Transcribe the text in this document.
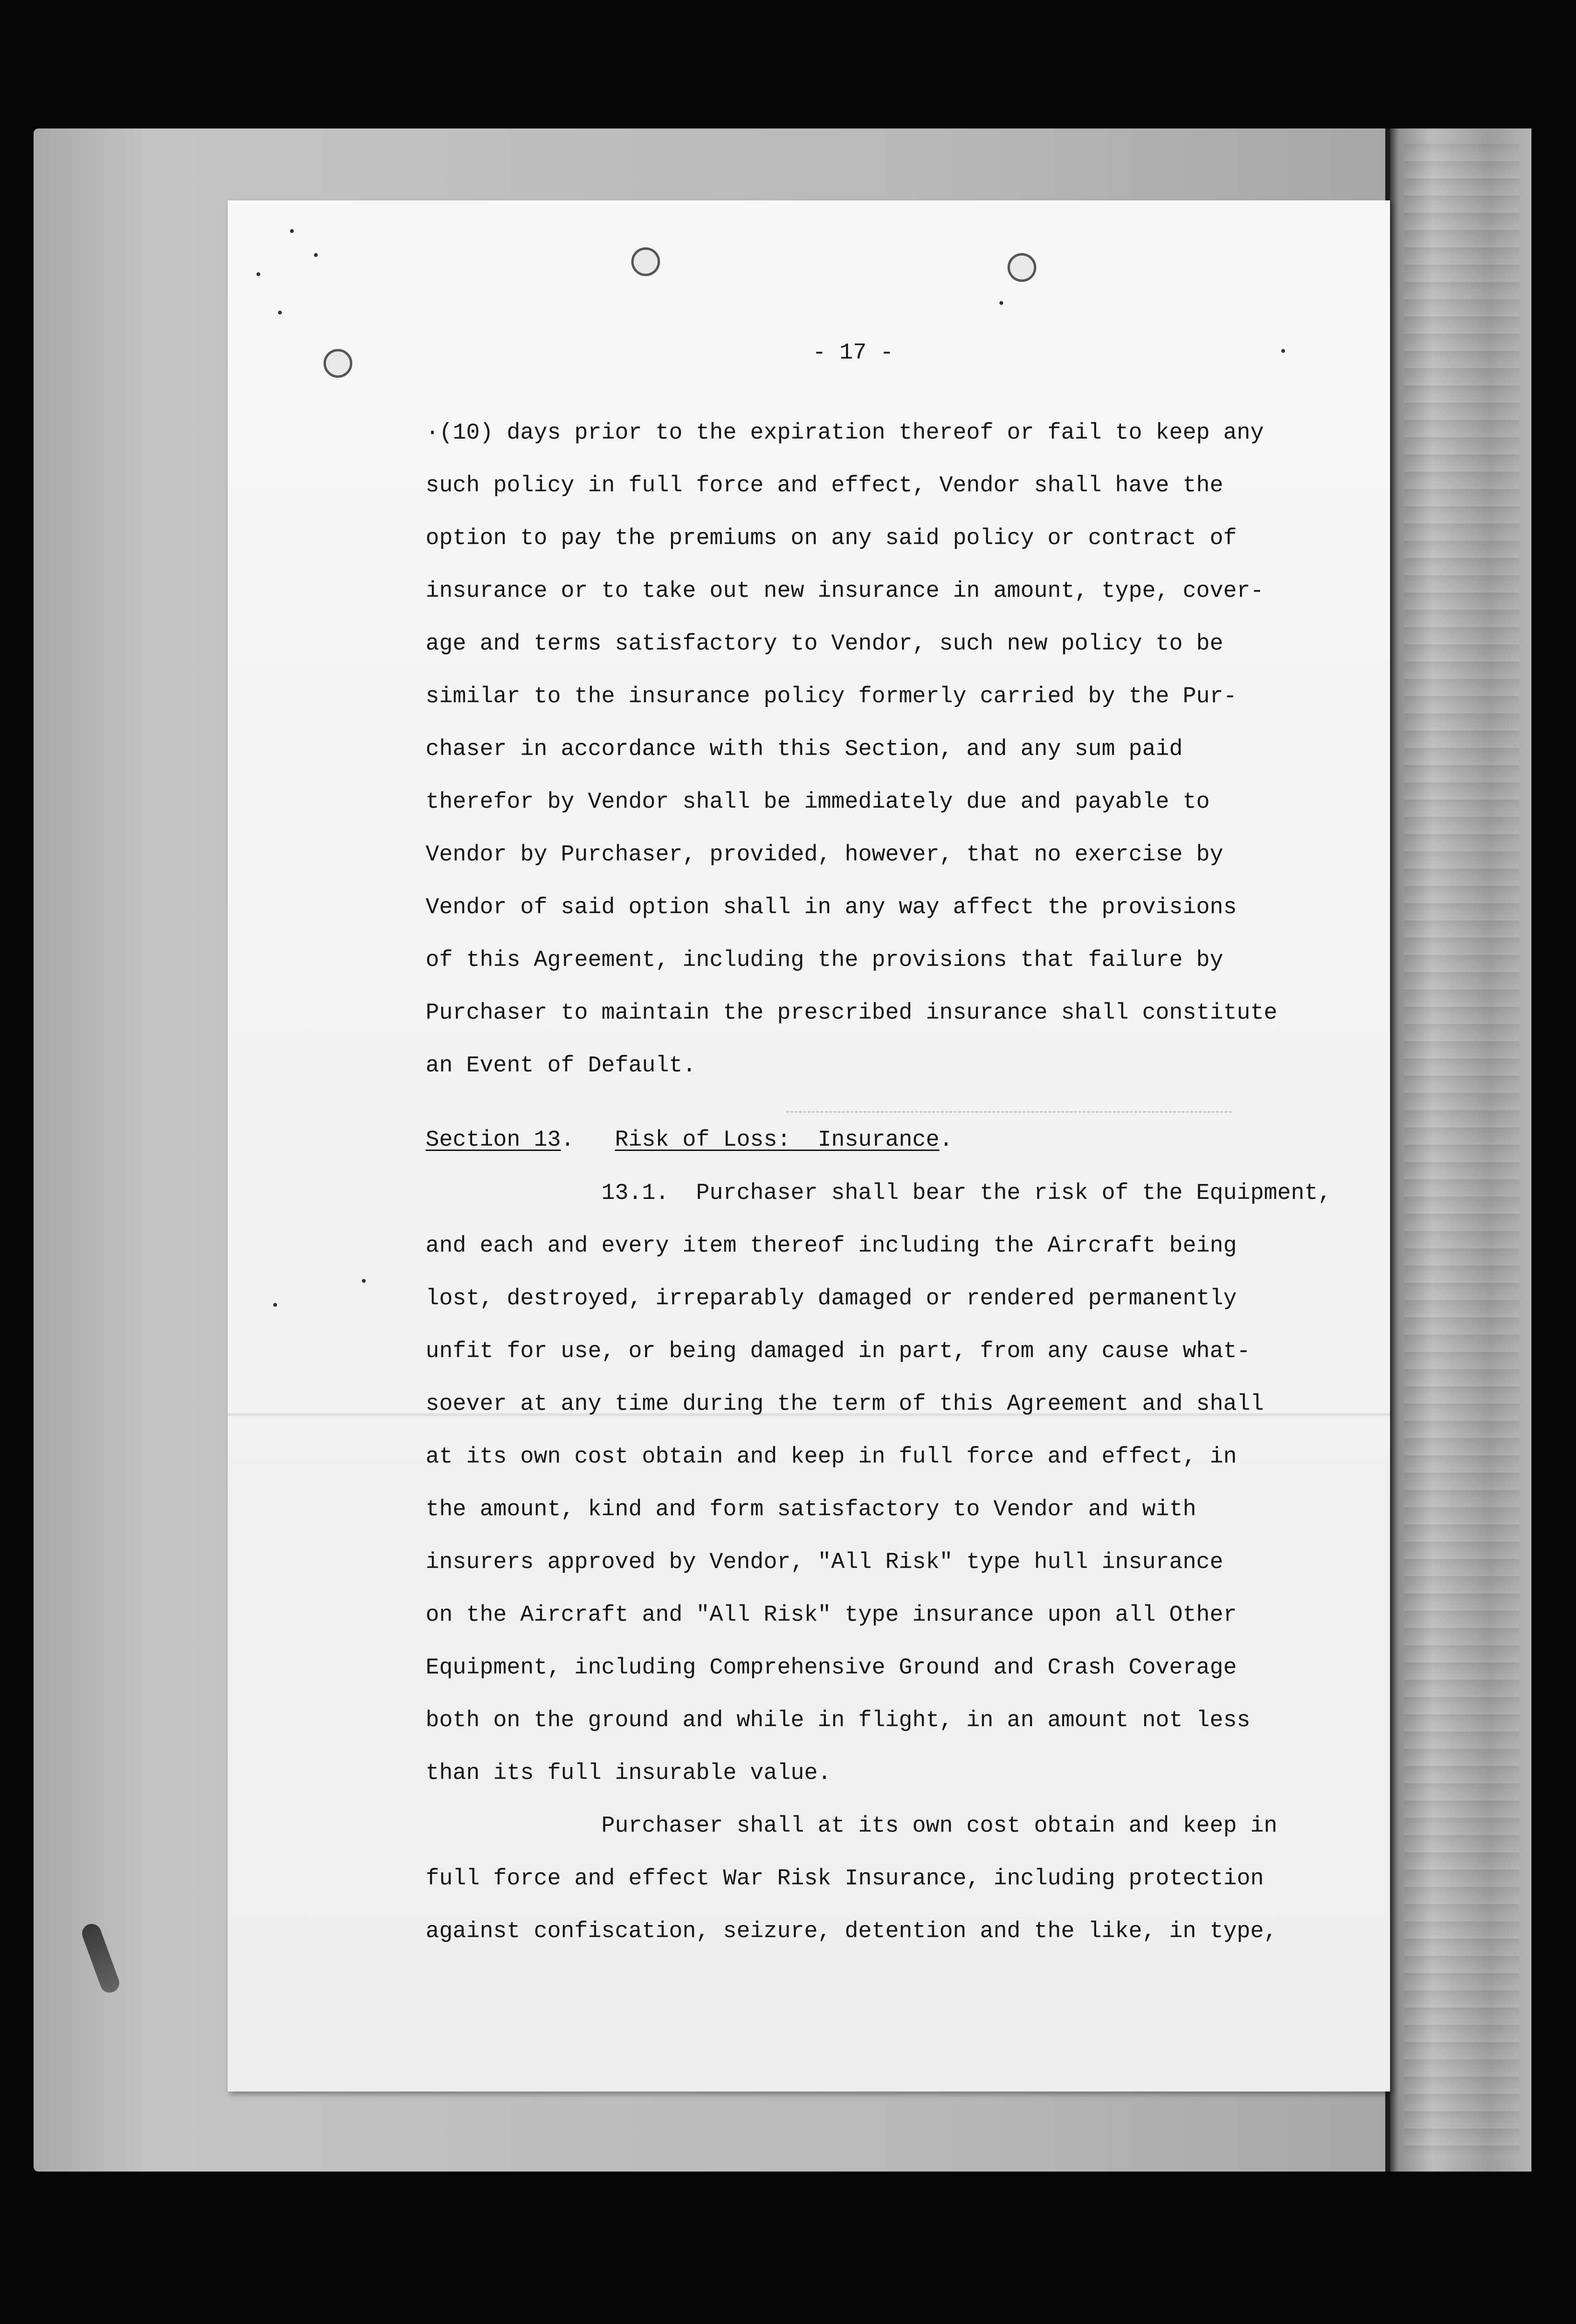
- 17 -
·(10) days prior to the expiration thereof or fail to keep any
such policy in full force and effect, Vendor shall have the
option to pay the premiums on any said policy or contract of
insurance or to take out new insurance in amount, type, cover-
age and terms satisfactory to Vendor, such new policy to be
similar to the insurance policy formerly carried by the Pur-
chaser in accordance with this Section, and any sum paid
therefor by Vendor shall be immediately due and payable to
Vendor by Purchaser, provided, however, that no exercise by
Vendor of said option shall in any way affect the provisions
of this Agreement, including the provisions that failure by
Purchaser to maintain the prescribed insurance shall constitute
an Event of Default.
Section 13.   Risk of Loss:  Insurance.
13.1.  Purchaser shall bear the risk of the Equipment,
and each and every item thereof including the Aircraft being
lost, destroyed, irreparably damaged or rendered permanently
unfit for use, or being damaged in part, from any cause what-
soever at any time during the term of this Agreement and shall
at its own cost obtain and keep in full force and effect, in
the amount, kind and form satisfactory to Vendor and with
insurers approved by Vendor, "All Risk" type hull insurance
on the Aircraft and "All Risk" type insurance upon all Other
Equipment, including Comprehensive Ground and Crash Coverage
both on the ground and while in flight, in an amount not less
than its full insurable value.
Purchaser shall at its own cost obtain and keep in
full force and effect War Risk Insurance, including protection
against confiscation, seizure, detention and the like, in type,
